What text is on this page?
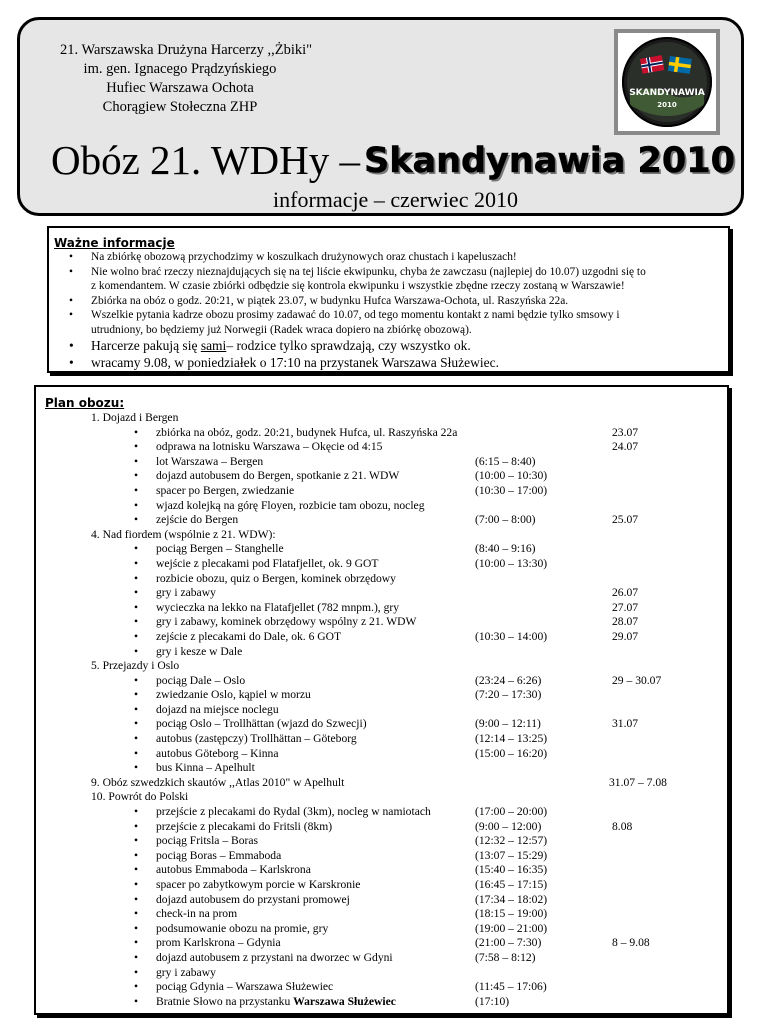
21. Warszawska Drużyna Harcerzy ,,Żbiki"
im. gen. Ignacego Prądzyńskiego
Hufiec Warszawa Ochota
Chorągiew Stołeczna ZHP
SKANDYNAWIA
2010
Obóz 21. WDHy – Skandynawia 2010
informacje – czerwiec 2010
Ważne informacje
• Na zbiórkę obozową przychodzimy w koszulkach drużynowych oraz chustach i kapeluszach!
• Nie wolno brać rzeczy nieznajdujących się na tej liście ekwipunku, chyba że zawczasu (najlepiej do 10.07) uzgodni się to
z komendantem. W czasie zbiórki odbędzie się kontrola ekwipunku i wszystkie zbędne rzeczy zostaną w Warszawie!
• Zbiórka na obóz o godz. 20:21, w piątek 23.07, w budynku Hufca Warszawa-Ochota, ul. Raszyńska 22a.
• Wszelkie pytania kadrze obozu prosimy zadawać do 10.07, od tego momentu kontakt z nami będzie tylko smsowy i
utrudniony, bo będziemy już Norwegii (Radek wraca dopiero na zbiórkę obozową).
• Harcerze pakują się sami– rodzice tylko sprawdzają, czy wszystko ok.
• wracamy 9.08, w poniedziałek o 17:10 na przystanek Warszawa Służewiec.
Plan obozu:
1. Dojazd i Bergen
• zbiórka na obóz, godz. 20:21, budynek Hufca, ul. Raszyńska 22a	23.07
• odprawa na lotnisku Warszawa – Okęcie od 4:15	24.07
• lot Warszawa – Bergen	(6:15 – 8:40)
• dojazd autobusem do Bergen, spotkanie z 21. WDW	(10:00 – 10:30)
• spacer po Bergen, zwiedzanie	(10:30 – 17:00)
• wjazd kolejką na górę Floyen, rozbicie tam obozu, nocleg
• zejście do Bergen	(7:00 – 8:00)	25.07
4. Nad fiordem (wspólnie z 21. WDW):
• pociąg Bergen – Stanghelle	(8:40 – 9:16)
• wejście z plecakami pod Flatafjellet, ok. 9 GOT	(10:00 – 13:30)
• rozbicie obozu, quiz o Bergen, kominek obrzędowy
• gry i zabawy	26.07
• wycieczka na lekko na Flatafjellet (782 mnpm.), gry	27.07
• gry i zabawy, kominek obrzędowy wspólny z 21. WDW	28.07
• zejście z plecakami do Dale, ok. 6 GOT	(10:30 – 14:00)	29.07
• gry i kesze w Dale
5. Przejazdy i Oslo
• pociąg Dale – Oslo	(23:24 – 6:26)	29 – 30.07
• zwiedzanie Oslo, kąpiel w morzu	(7:20 – 17:30)
• dojazd na miejsce noclegu
• pociąg Oslo – Trollhättan (wjazd do Szwecji)	(9:00 – 12:11)	31.07
• autobus (zastępczy) Trollhättan – Göteborg	(12:14 – 13:25)
• autobus Göteborg – Kinna	(15:00 – 16:20)
• bus Kinna – Apelhult
9. Obóz szwedzkich skautów ,,Atlas 2010" w Apelhult	31.07 – 7.08
10. Powrót do Polski
• przejście z plecakami do Rydal (3km), nocleg w namiotach	(17:00 – 20:00)
• przejście z plecakami do Fritsli (8km)	(9:00 – 12:00)	8.08
• pociąg Fritsla – Boras	(12:32 – 12:57)
• pociąg Boras – Emmaboda	(13:07 – 15:29)
• autobus Emmaboda – Karlskrona	(15:40 – 16:35)
• spacer po zabytkowym porcie w Karskronie	(16:45 – 17:15)
• dojazd autobusem do przystani promowej	(17:34 – 18:02)
• check-in na prom	(18:15 – 19:00)
• podsumowanie obozu na promie, gry	(19:00 – 21:00)
• prom Karlskrona – Gdynia	(21:00 – 7:30)	8 – 9.08
• dojazd autobusem z przystani na dworzec w Gdyni	(7:58 – 8:12)
• gry i zabawy
• pociąg Gdynia – Warszawa Służewiec	(11:45 – 17:06)
• Bratnie Słowo na przystanku Warszawa Służewiec	(17:10)
